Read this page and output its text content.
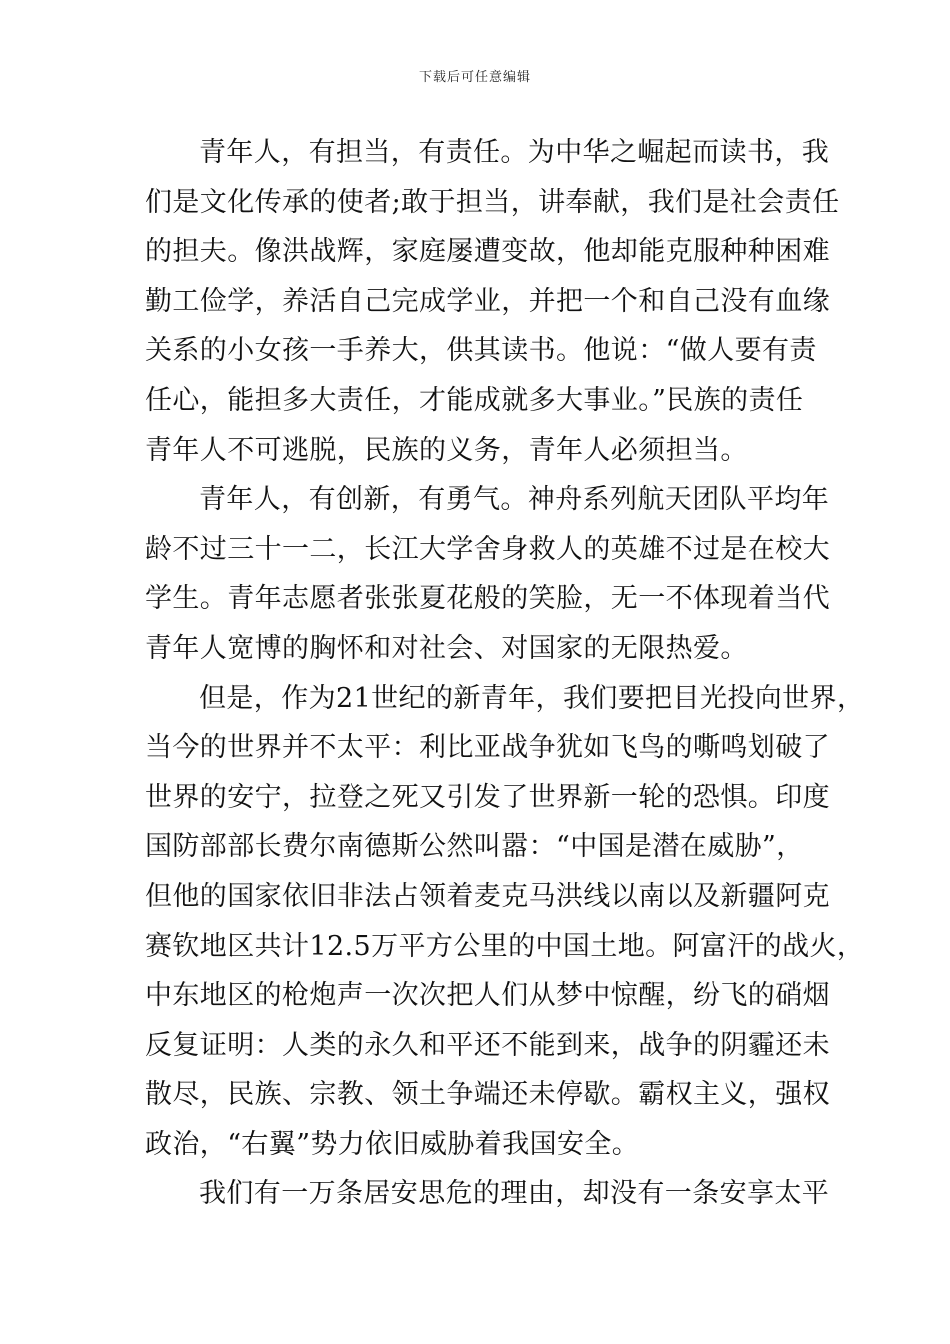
下载后可任意编辑
青年人，有担当，有责任。为中华之崛起而读书，我
们是文化传承的使者;敢于担当，讲奉献，我们是社会责任
的担夫。像洪战辉，家庭屡遭变故，他却能克服种种困难
勤工俭学，养活自己完成学业，并把一个和自己没有血缘
关系的小女孩一手养大，供其读书。他说：“做人要有责
任心，能担多大责任，才能成就多大事业。”民族的责任
青年人不可逃脱，民族的义务，青年人必须担当。
青年人，有创新，有勇气。神舟系列航天团队平均年
龄不过三十一二，长江大学舍身救人的英雄不过是在校大
学生。青年志愿者张张夏花般的笑脸，无一不体现着当代
青年人宽博的胸怀和对社会、对国家的无限热爱。
但是，作为21世纪的新青年，我们要把目光投向世界，
当今的世界并不太平：利比亚战争犹如飞鸟的嘶鸣划破了
世界的安宁，拉登之死又引发了世界新一轮的恐惧。印度
国防部部长费尔南德斯公然叫嚣：“中国是潜在威胁”，
但他的国家依旧非法占领着麦克马洪线以南以及新疆阿克
赛钦地区共计12.5万平方公里的中国土地。阿富汗的战火，
中东地区的枪炮声一次次把人们从梦中惊醒，纷飞的硝烟
反复证明：人类的永久和平还不能到来，战争的阴霾还未
散尽，民族、宗教、领土争端还未停歇。霸权主义，强权
政治，“右翼”势力依旧威胁着我国安全。
我们有一万条居安思危的理由，却没有一条安享太平
